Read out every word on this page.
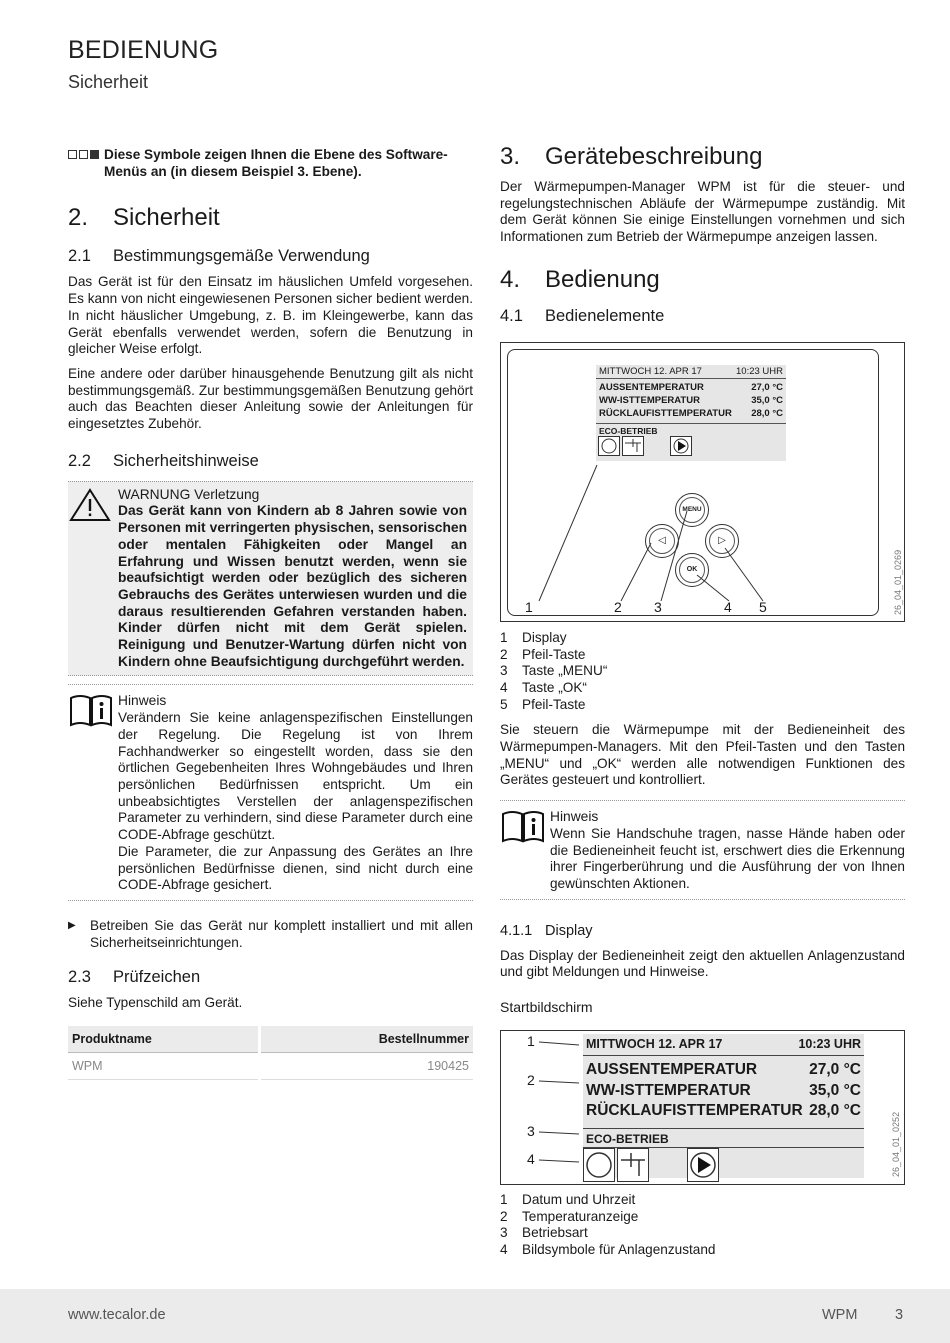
BEDIENUNG
Sicherheit
Diese Symbole zeigen Ihnen die Ebene des Software-Menüs an (in diesem Beispiel 3. Ebene).
2. Sicherheit
2.1 Bestimmungsgemäße Verwendung

Das Gerät ist für den Einsatz im häuslichen Umfeld vorgesehen. Es kann von nicht eingewiesenen Personen sicher bedient werden. In nicht häuslicher Umgebung, z. B. im Kleingewerbe, kann das Gerät ebenfalls verwendet werden, sofern die Benutzung in gleicher Weise erfolgt.

Eine andere oder darüber hinausgehende Benutzung gilt als nicht bestimmungsgemäß. Zur bestimmungsgemäßen Benutzung gehört auch das Beachten dieser Anleitung sowie der Anleitungen für eingesetztes Zubehör.

2.2 Sicherheitshinweise

WARNUNG Verletzung

Das Gerät kann von Kindern ab 8 Jahren sowie von Personen mit verringerten physischen, sensorischen oder mentalen Fähigkeiten oder Mangel an Erfahrung und Wissen benutzt werden, wenn sie beaufsichtigt werden oder bezüglich des sicheren Gebrauchs des Gerätes unterwiesen wurden und die daraus resultierenden Gefahren verstanden haben. Kinder dürfen nicht mit dem Gerät spielen. Reinigung und Benutzer-Wartung dürfen nicht von Kindern ohne Beaufsichtigung durchgeführt werden.

Hinweis

Verändern Sie keine anlagenspezifischen Einstellungen der Regelung. Die Regelung ist von Ihrem Fachhandwerker so eingestellt worden, dass sie den örtlichen Gegebenheiten Ihres Wohngebäudes und Ihren persönlichen Bedürfnissen entspricht. Um ein unbeabsichtigtes Verstellen der anlagenspezifischen Parameter zu verhindern, sind diese Parameter durch eine CODE-Abfrage geschützt.

Die Parameter, die zur Anpassung des Gerätes an Ihre persönlichen Bedürfnisse dienen, sind nicht durch eine CODE-Abfrage gesichert.

▶	Betreiben Sie das Gerät nur komplett installiert und mit allen Sicherheitseinrichtungen.

2.3 Prüfzeichen

Siehe Typenschild am Gerät.

Produktname	Bestellnummer
WPM	190425
3. Gerätebeschreibung

Der Wärmepumpen-Manager WPM ist für die steuer- und regelungstechnischen Abläufe der Wärmepumpe zuständig. Mit dem Gerät können Sie einige Einstellungen vornehmen und sich Informationen zum Betrieb der Wärmepumpe anzeigen lassen.

4. Bedienung
4.1 Bedienelemente
MITTWOCH 12. APR 17	10:23 UHR
AUSSENTEMPERATUR	27,0 °C
WW-ISTTEMPERATUR	35,0 °C
RÜCKLAUFISTTEMPERATUR 28,0 °C
ECO-BETRIEB
MENU
◁	▷
OK
1	2 3	4 5	26_04_01_0269
1	Display
2	Pfeil-Taste
3	Taste „MENU“
4	Taste „OK“
5	Pfeil-Taste

Sie steuern die Wärmepumpe mit der Bedieneinheit des Wärmepumpen-Managers. Mit den Pfeil-Tasten und den Tasten „MENU“ und „OK“ werden alle notwendigen Funktionen des Gerätes gesteuert und kontrolliert.

Hinweis

Wenn Sie Handschuhe tragen, nasse Hände haben oder die Bedieneinheit feucht ist, erschwert dies die Erkennung ihrer Fingerberührung und die Ausführung der von Ihnen gewünschten Aktionen.

4.1.1 Display

Das Display der Bedieneinheit zeigt den aktuellen Anlagenzustand und gibt Meldungen und Hinweise.

Startbildschirm
MITTWOCH 12. APR 17	10:23 UHR
AUSSENTEMPERATUR	27,0 °C
WW-ISTTEMPERATUR	35,0 °C
RÜCKLAUFISTTEMPERATUR 28,0 °C
ECO-BETRIEB
1
2
3
4	26_04_01_0252
1	Datum und Uhrzeit
2	Temperaturanzeige
3	Betriebsart
4	Bildsymbole für Anlagenzustand
www.tecalor.de	WPM	3
